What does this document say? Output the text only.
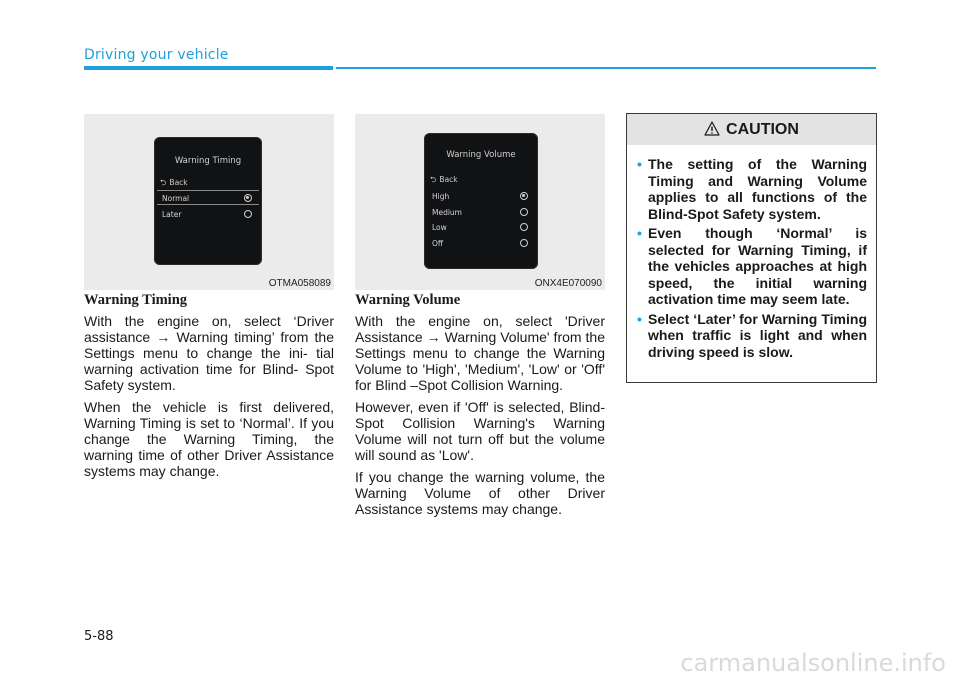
Driving your vehicle
Warning Timing
⮌ Back
Normal
Later
OTMA058089
Warning Volume
⮌ Back
High
Medium
Low
Off
ONX4E070090
Warning Timing

With the engine on, select ‘Driver assistance → Warning timing’ from the Settings menu to change the ini- tial warning activation time for Blind- Spot Safety system.

When the vehicle is first delivered, Warning Timing is set to ‘Normal’. If you change the Warning Timing, the warning time of other Driver Assistance systems may change.

Warning Volume

With the engine on, select 'Driver Assistance → Warning Volume' from the Settings menu to change the Warning Volume to 'High', 'Medium', 'Low' or 'Off' for Blind –Spot Collision Warning.

However, even if 'Off' is selected, Blind-Spot Collision Warning's Warning Volume will not turn off but the volume will sound as 'Low'.

If you change the warning volume, the Warning Volume of other Driver Assistance systems may change.

CAUTION
• The setting of the Warning Timing and Warning Volume applies to all functions of the Blind-Spot Safety system.
• Even though ‘Normal’ is selected for Warning Timing, if the vehicles approaches at high speed, the initial warning activation time may seem late.
• Select ‘Later’ for Warning Timing when traffic is light and when driving speed is slow.
5-88
carmanualsonline.info
